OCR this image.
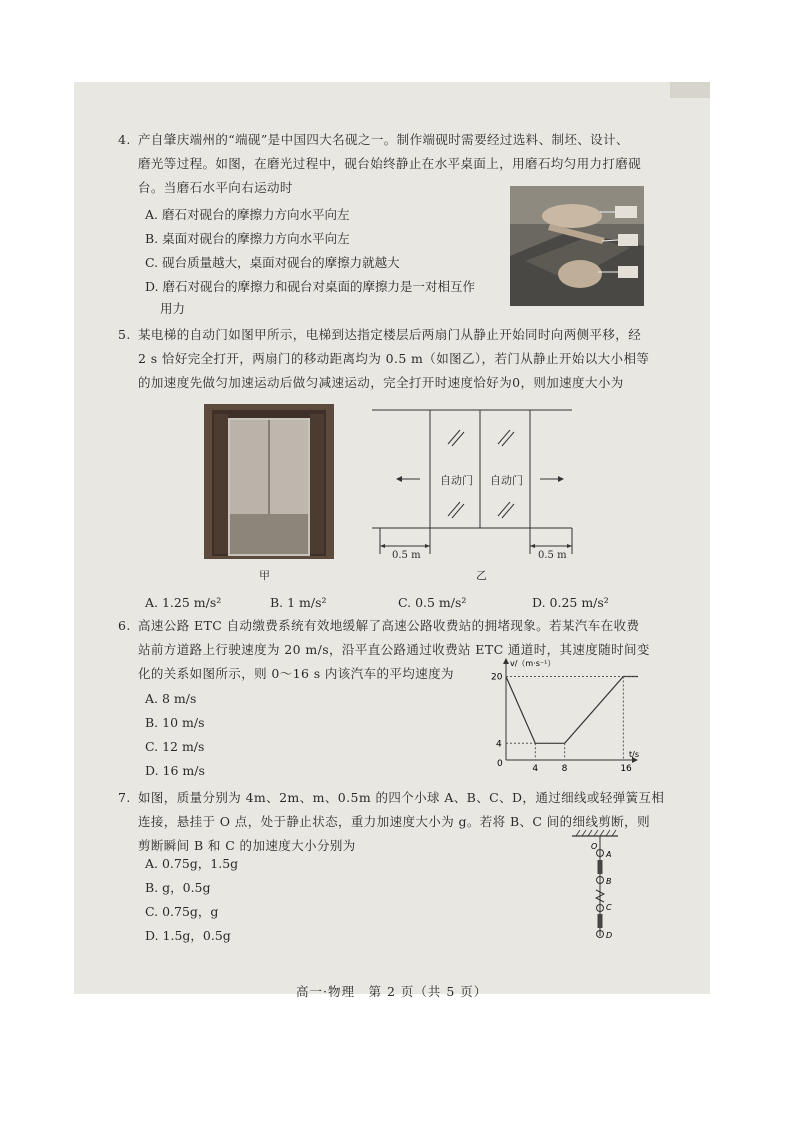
4. 产自肇庆端州的“端砚”是中国四大名砚之一。制作端砚时需要经过选料、制坯、设计、
磨光等过程。如图，在磨光过程中，砚台始终静止在水平桌面上，用磨石均匀用力打磨砚
台。当磨石水平向右运动时
A. 磨石对砚台的摩擦力方向水平向左
B. 桌面对砚台的摩擦力方向水平向左
C. 砚台质量越大，桌面对砚台的摩擦力就越大
D. 磨石对砚台的摩擦力和砚台对桌面的摩擦力是一对相互作
用力
5. 某电梯的自动门如图甲所示，电梯到达指定楼层后两扇门从静止开始同时向两侧平移，经
2 s 恰好完全打开，两扇门的移动距离均为 0.5 m（如图乙），若门从静止开始以大小相等
的加速度先做匀加速运动后做匀减速运动，完全打开时速度恰好为0，则加速度大小为
甲
自动门 自动门
0.5 m	0.5 m
乙
A. 1.25 m/s²	B. 1 m/s²	C. 0.5 m/s²	D. 0.25 m/s²
6. 高速公路 ETC 自动缴费系统有效地缓解了高速公路收费站的拥堵现象。若某汽车在收费
站前方道路上行驶速度为 20 m/s，沿平直公路通过收费站 ETC 通道时，其速度随时间变
化的关系如图所示，则 0～16 s 内该汽车的平均速度为
A. 8 m/s
B. 10 m/s
C. 12 m/s
D. 16 m/s
v/（m·s⁻¹）
t/s
0	4	8	16
4
20
7. 如图，质量分别为 4m、2m、m、0.5m 的四个小球 A、B、C、D，通过细线或轻弹簧互相
连接，悬挂于 O 点，处于静止状态，重力加速度大小为 g。若将 B、C 间的细线剪断，则
剪断瞬间 B 和 C 的加速度大小分别为
A. 0.75g，1.5g
B. g，0.5g
C. 0.75g，g
D. 1.5g，0.5g
O
A
B
C
D
高一·物理　第 2 页（共 5 页）
